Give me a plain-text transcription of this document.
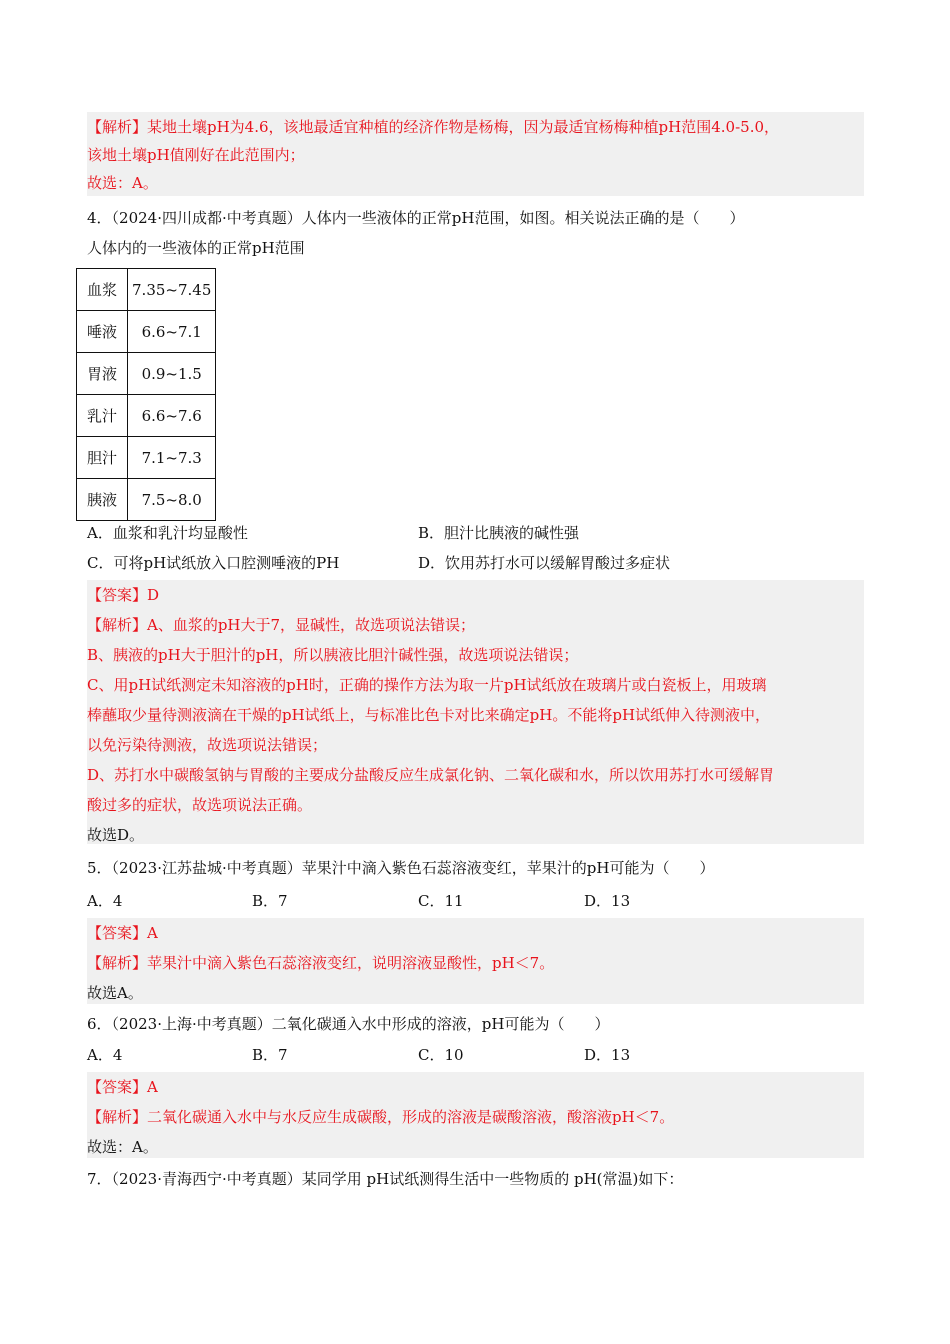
【解析】某地土壤pH为4.6，该地最适宜种植的经济作物是杨梅，因为最适宜杨梅种植pH范围4.0-5.0，
该地土壤pH值刚好在此范围内；
故选：A。
4．（2024·四川成都·中考真题）人体内一些液体的正常pH范围，如图。相关说法正确的是（　　）
人体内的一些液体的正常pH范围
血浆	7.35~7.45
唾液	6.6~7.1
胃液	0.9~1.5
乳汁	6.6~7.6
胆汁	7.1~7.3
胰液	7.5~8.0
A．血浆和乳汁均显酸性	B．胆汁比胰液的碱性强
C．可将pH试纸放入口腔测唾液的PH	D．饮用苏打水可以缓解胃酸过多症状
【答案】D
【解析】A、血浆的pH大于7，显碱性，故选项说法错误；
B、胰液的pH大于胆汁的pH，所以胰液比胆汁碱性强，故选项说法错误；
C、用pH试纸测定未知溶液的pH时，正确的操作方法为取一片pH试纸放在玻璃片或白瓷板上，用玻璃
棒蘸取少量待测液滴在干燥的pH试纸上，与标准比色卡对比来确定pH。不能将pH试纸伸入待测液中，
以免污染待测液，故选项说法错误；
D、苏打水中碳酸氢钠与胃酸的主要成分盐酸反应生成氯化钠、二氧化碳和水，所以饮用苏打水可缓解胃
酸过多的症状，故选项说法正确。
故选D。
5．（2023·江苏盐城·中考真题）苹果汁中滴入紫色石蕊溶液变红，苹果汁的pH可能为（　　）
A．4	B．7	C．11	D．13
【答案】A
【解析】苹果汁中滴入紫色石蕊溶液变红，说明溶液显酸性，pH＜7。
故选A。
6．（2023·上海·中考真题）二氧化碳通入水中形成的溶液，pH可能为（　　）
A．4	B．7	C．10	D．13
【答案】A
【解析】二氧化碳通入水中与水反应生成碳酸，形成的溶液是碳酸溶液，酸溶液pH＜7。
故选：A。
7．（2023·青海西宁·中考真题）某同学用 pH试纸测得生活中一些物质的 pH(常温)如下：
